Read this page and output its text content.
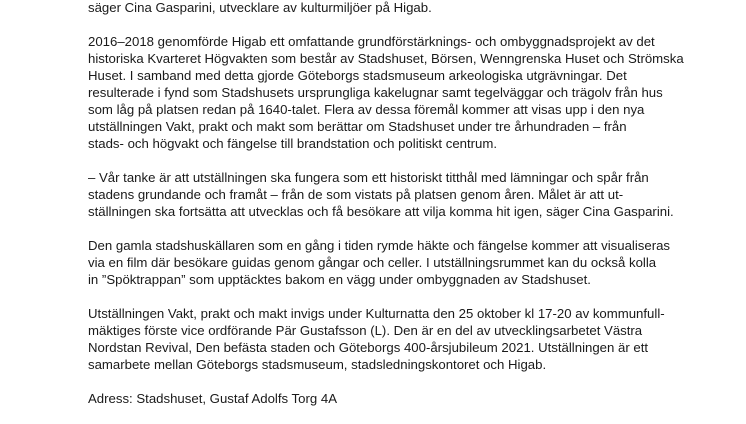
säger Cina Gasparini, utvecklare av kulturmiljöer på Higab.

2016–2018 genomförde Higab ett omfattande grundförstärknings- och ombyggnadsprojekt av det
historiska Kvarteret Högvakten som består av Stadshuset, Börsen, Wenngrenska Huset och Strömska
Huset. I samband med detta gjorde Göteborgs stadsmuseum arkeologiska utgrävningar. Det
resulterade i fynd som Stadshusets ursprungliga kakelugnar samt tegelväggar och trägolv från hus
som låg på platsen redan på 1640-talet. Flera av dessa föremål kommer att visas upp i den nya
utställningen Vakt, prakt och makt som berättar om Stadshuset under tre århundraden – från
stads- och högvakt och fängelse till brandstation och politiskt centrum.

– Vår tanke är att utställningen ska fungera som ett historiskt titthål med lämningar och spår från
stadens grundande och framåt – från de som vistats på platsen genom åren. Målet är att ut-
ställningen ska fortsätta att utvecklas och få besökare att vilja komma hit igen, säger Cina Gasparini.

Den gamla stadshuskällaren som en gång i tiden rymde häkte och fängelse kommer att visualiseras
via en film där besökare guidas genom gångar och celler. I utställningsrummet kan du också kolla
in ”Spöktrappan” som upptäcktes bakom en vägg under ombyggnaden av Stadshuset.

Utställningen Vakt, prakt och makt invigs under Kulturnatta den 25 oktober kl 17-20 av kommunfull-
mäktiges förste vice ordförande Pär Gustafsson (L). Den är en del av utvecklingsarbetet Västra
Nordstan Revival, Den befästa staden och Göteborgs 400-årsjubileum 2021. Utställningen är ett
samarbete mellan Göteborgs stadsmuseum, stadsledningskontoret och Higab.

Adress: Stadshuset, Gustaf Adolfs Torg 4A
